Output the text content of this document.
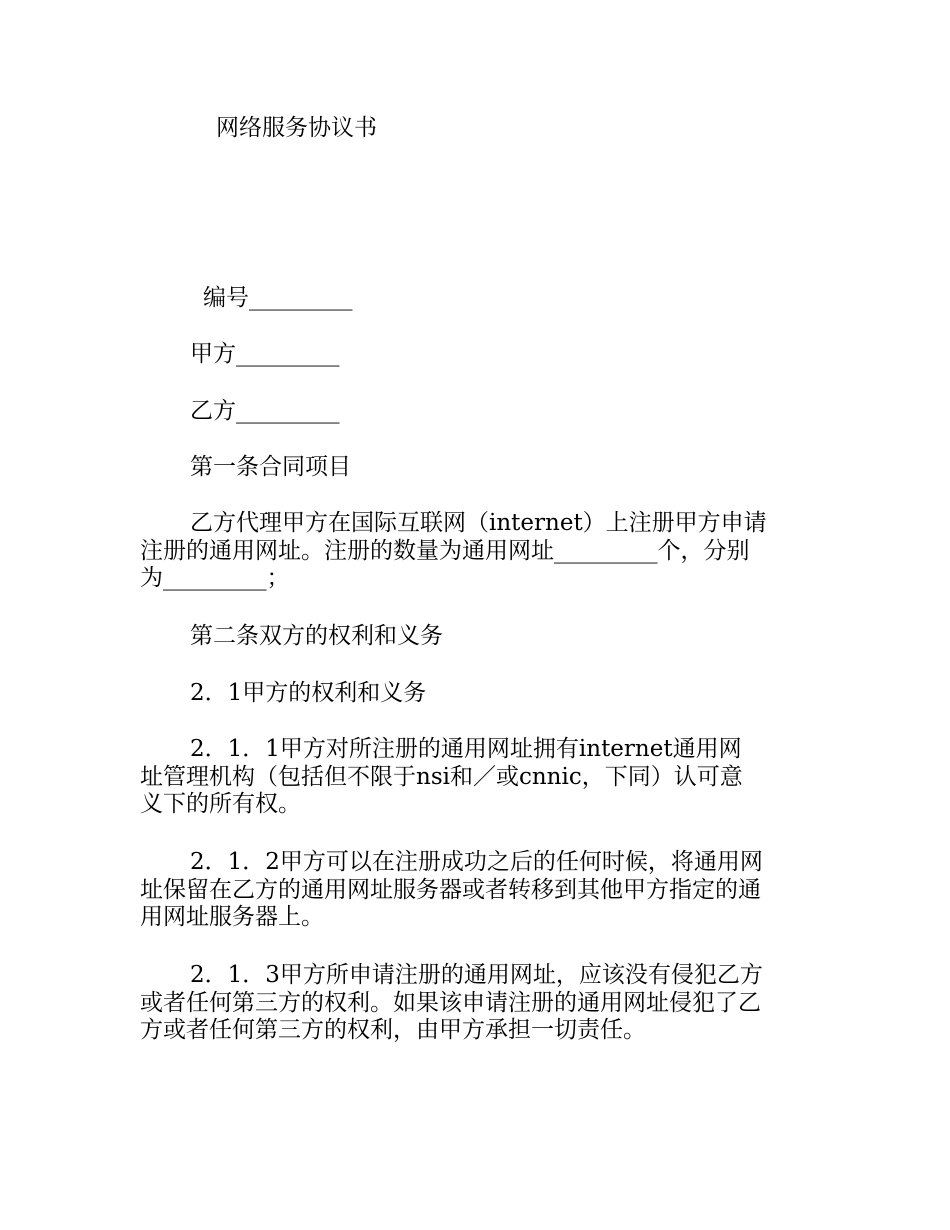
网络服务协议书
编号_________
甲方_________
乙方_________
第一条合同项目
乙方代理甲方在国际互联网（internet）上注册甲方申请
注册的通用网址。注册的数量为通用网址_________个，分别
为_________；
第二条双方的权利和义务
2．1甲方的权利和义务
2．1．1甲方对所注册的通用网址拥有internet通用网
址管理机构（包括但不限于nsi和／或cnnic，下同）认可意
义下的所有权。
2．1．2甲方可以在注册成功之后的任何时候，将通用网
址保留在乙方的通用网址服务器或者转移到其他甲方指定的通
用网址服务器上。
2．1．3甲方所申请注册的通用网址，应该没有侵犯乙方
或者任何第三方的权利。如果该申请注册的通用网址侵犯了乙
方或者任何第三方的权利，由甲方承担一切责任。
